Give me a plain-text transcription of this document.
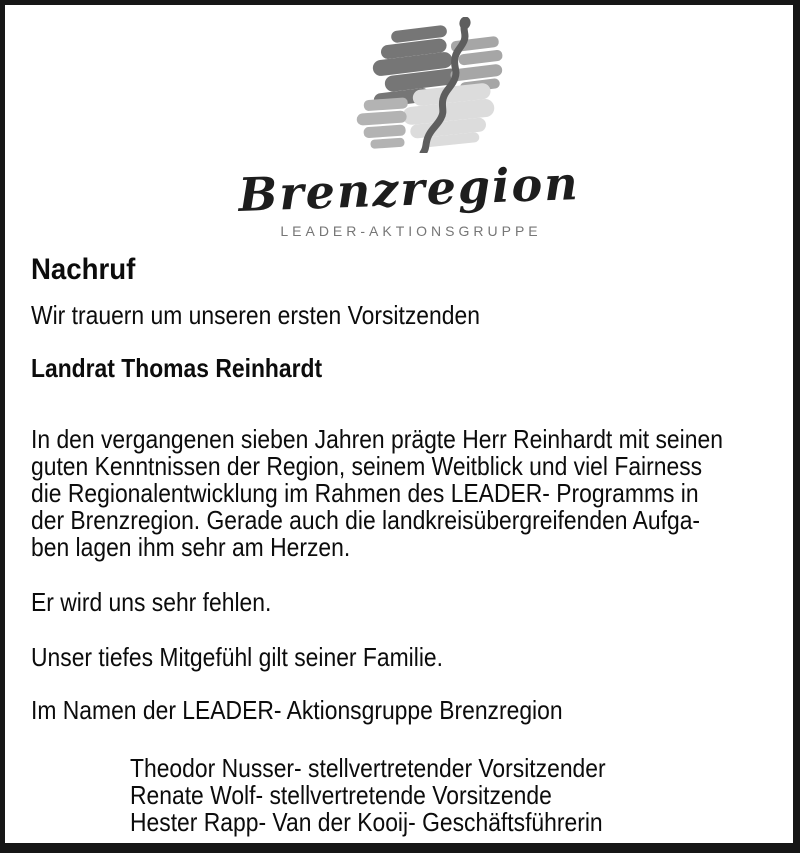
Brenzregion
LEADER-AKTIONSGRUPPE
Nachruf
Wir trauern um unseren ersten Vorsitzenden
Landrat Thomas Reinhardt
In den vergangenen sieben Jahren prägte Herr Reinhardt mit seinen
guten Kenntnissen der Region, seinem Weitblick und viel Fairness
die Regionalentwicklung im Rahmen des LEADER- Programms in
der Brenzregion. Gerade auch die landkreisübergreifenden Aufga-
ben lagen ihm sehr am Herzen.
Er wird uns sehr fehlen.
Unser tiefes Mitgefühl gilt seiner Familie.
Im Namen der LEADER- Aktionsgruppe Brenzregion
Theodor Nusser- stellvertretender Vorsitzender
Renate Wolf- stellvertretende Vorsitzende
Hester Rapp- Van der Kooij- Geschäftsführerin
